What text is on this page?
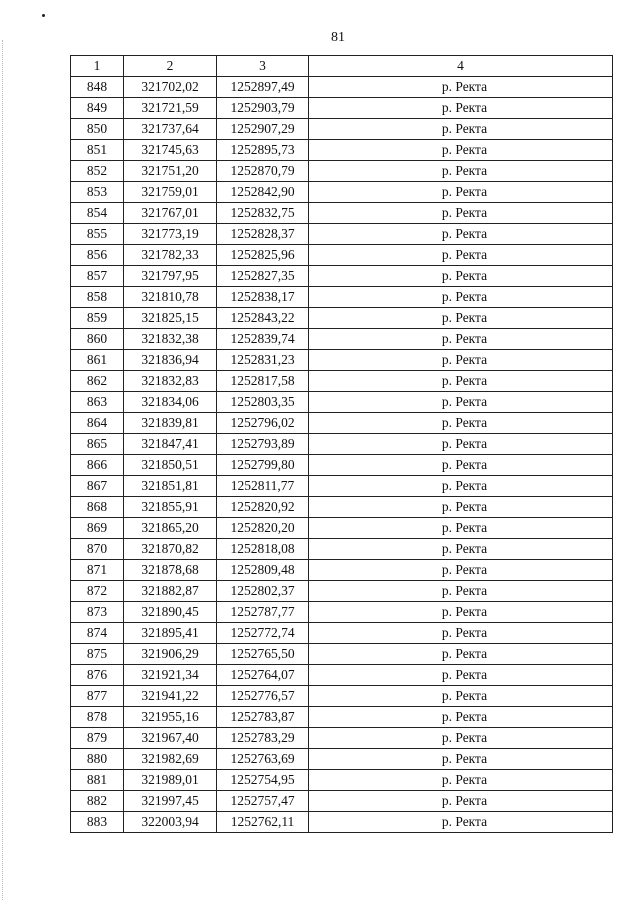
81
1	2	3	4
848	321702,02	1252897,49	р. Ректа
849	321721,59	1252903,79	р. Ректа
850	321737,64	1252907,29	р. Ректа
851	321745,63	1252895,73	р. Ректа
852	321751,20	1252870,79	р. Ректа
853	321759,01	1252842,90	р. Ректа
854	321767,01	1252832,75	р. Ректа
855	321773,19	1252828,37	р. Ректа
856	321782,33	1252825,96	р. Ректа
857	321797,95	1252827,35	р. Ректа
858	321810,78	1252838,17	р. Ректа
859	321825,15	1252843,22	р. Ректа
860	321832,38	1252839,74	р. Ректа
861	321836,94	1252831,23	р. Ректа
862	321832,83	1252817,58	р. Ректа
863	321834,06	1252803,35	р. Ректа
864	321839,81	1252796,02	р. Ректа
865	321847,41	1252793,89	р. Ректа
866	321850,51	1252799,80	р. Ректа
867	321851,81	1252811,77	р. Ректа
868	321855,91	1252820,92	р. Ректа
869	321865,20	1252820,20	р. Ректа
870	321870,82	1252818,08	р. Ректа
871	321878,68	1252809,48	р. Ректа
872	321882,87	1252802,37	р. Ректа
873	321890,45	1252787,77	р. Ректа
874	321895,41	1252772,74	р. Ректа
875	321906,29	1252765,50	р. Ректа
876	321921,34	1252764,07	р. Ректа
877	321941,22	1252776,57	р. Ректа
878	321955,16	1252783,87	р. Ректа
879	321967,40	1252783,29	р. Ректа
880	321982,69	1252763,69	р. Ректа
881	321989,01	1252754,95	р. Ректа
882	321997,45	1252757,47	р. Ректа
883	322003,94	1252762,11	р. Ректа
